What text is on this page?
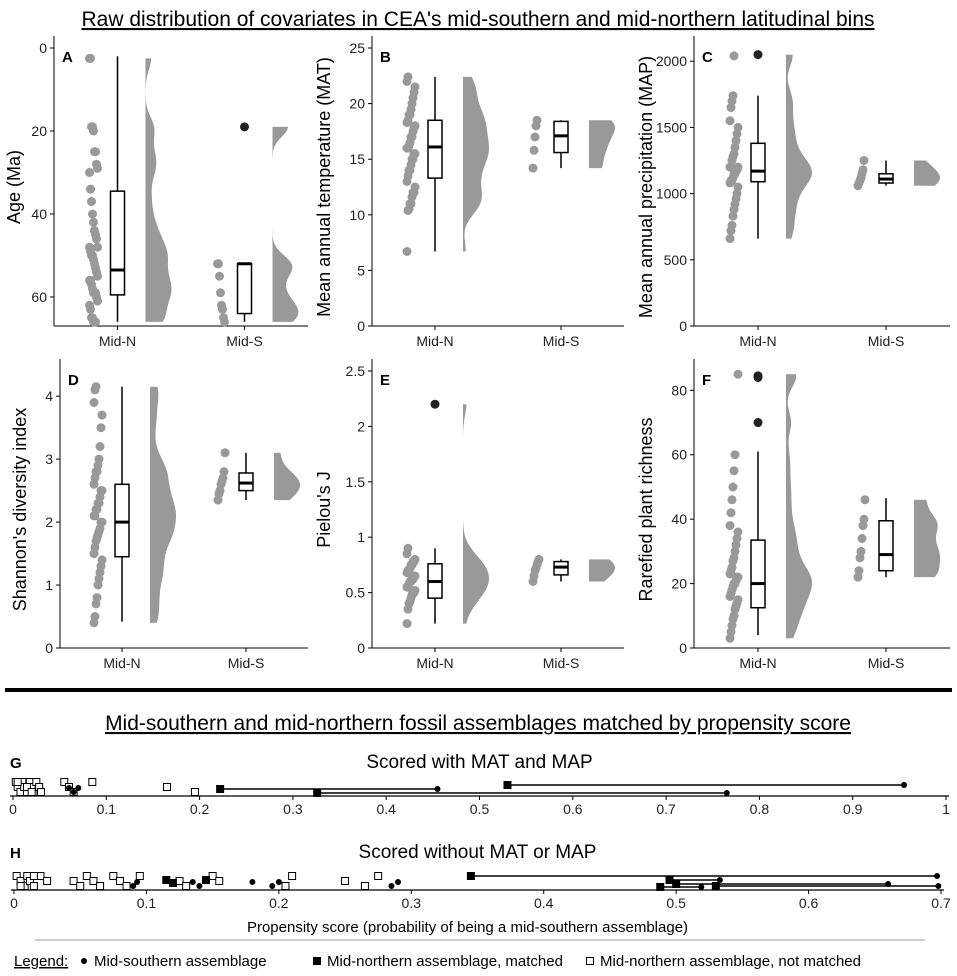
Raw distribution of covariates in CEA's mid-southern and mid-northern latitudinal bins
0
20
40
60
Age (Ma)
A
Mid-N	Mid-S
0
5
10
15
20
25
Mean annual temperature (MAT)	B
Mid-N	Mid-S
0
500
1000
1500
2000
Mean annual precipitation (MAP)	C
Mid-N	Mid-S
0
1
2
3
4
Shannon's diversity index
D
Mid-N	Mid-S
0
0.5
1
1.5
2
2.5
Pielou's J
E
Mid-N	Mid-S
0
20
40
60
80
Rarefied plant richness
F
Mid-N	Mid-S
Mid-southern and mid-northern fossil assemblages matched by propensity score
Scored with MAT and MAP
G
0	0.1	0.2	0.3	0.4	0.5	0.6	0.7	0.8	0.9	1
Scored without MAT or MAP
H
0	0.1	0.2	0.3	0.4	0.5	0.6	0.7
Propensity score (probability of being a mid-southern assemblage)
Legend: Mid-southern assemblage	Mid-northern assemblage, matched Mid-northern assemblage, not matched
